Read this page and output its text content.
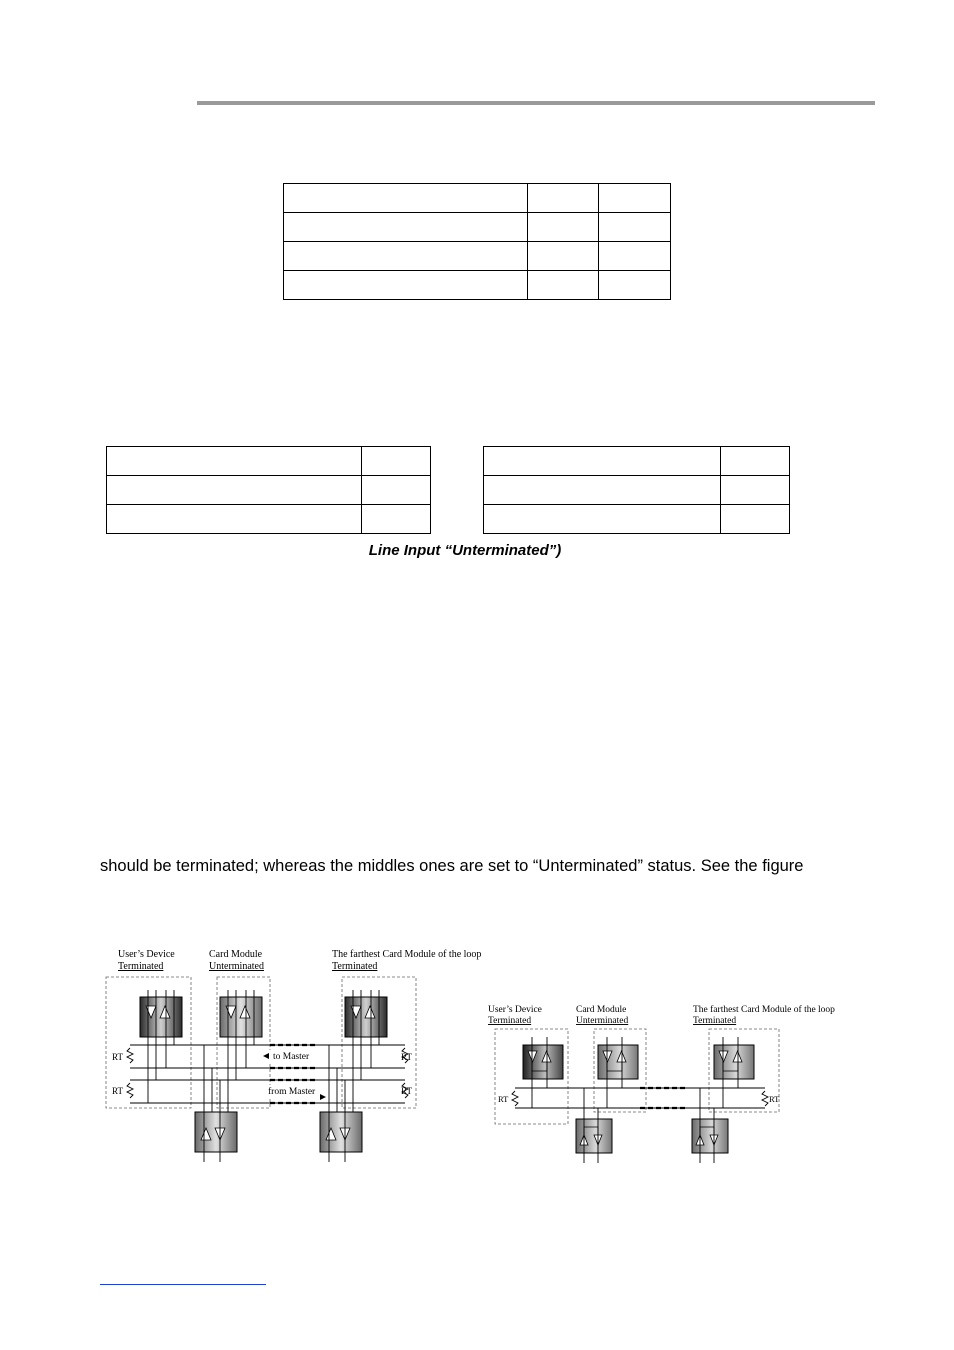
Line Input “Unterminated”)
should be terminated; whereas the middles ones are set to “Unterminated” status. See the figure
User’s Device
Terminated
Card Module
Unterminated
The farthest Card Module of the loop
Terminated
to Master
from Master
RT
RT
RT
RT
User’s Device
Terminated
Card Module
Unterminated
The farthest Card Module of the loop
Terminated
RT	RT
